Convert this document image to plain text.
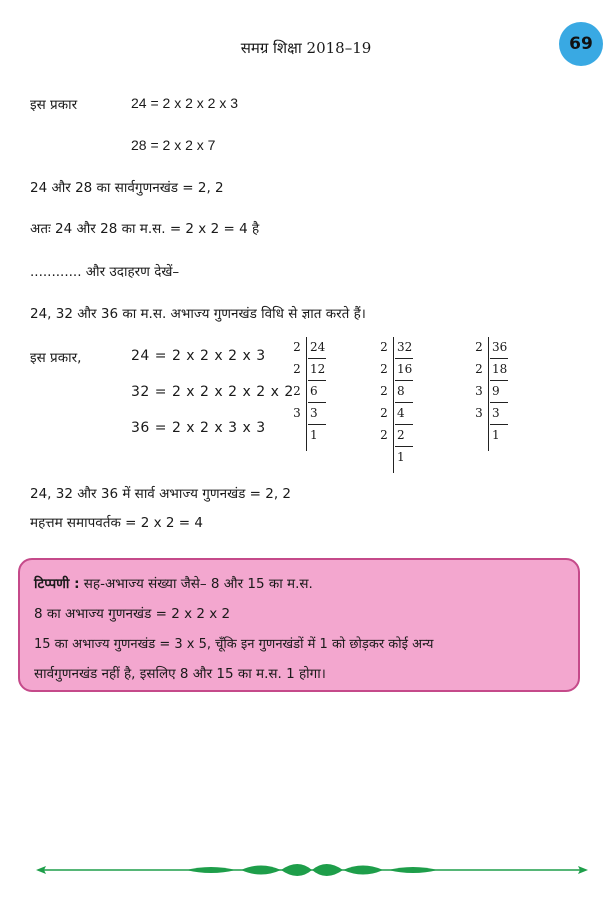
समग्र शिक्षा 2018–19	69
इस प्रकार	24 = 2 x 2 x 2 x 3
28 = 2 x 2 x 7
24 और 28 का सार्वगुणनखंड = 2, 2
अतः 24 और 28 का म.स. = 2 x 2 = 4 है
............ और उदाहरण देखें–
24, 32 और 36 का म.स. अभाज्य गुणनखंड विधि से ज्ञात करते हैं।
इस प्रकार,	24 = 2 x 2 x 2 x 3
32 = 2 x 2 x 2 x 2 x 2
36 = 2 x 2 x 3 x 3
2 24
2 12
2 6
3 3
1
2 32
2 16
2 8
2 4
2 2
1
2 36
2 18
3 9
3 3
1
24, 32 और 36 में सार्व अभाज्य गुणनखंड = 2, 2
महत्तम समापवर्तक = 2 x 2 = 4
टिप्पणी : सह-अभाज्य संख्या जैसे– 8 और 15 का म.स.
8 का अभाज्य गुणनखंड = 2 x 2 x 2
15 का अभाज्य गुणनखंड = 3 x 5, चूँकि इन गुणनखंडों में 1 को छोड़कर कोई अन्य
सार्वगुणनखंड नहीं है, इसलिए 8 और 15 का म.स. 1 होगा।
